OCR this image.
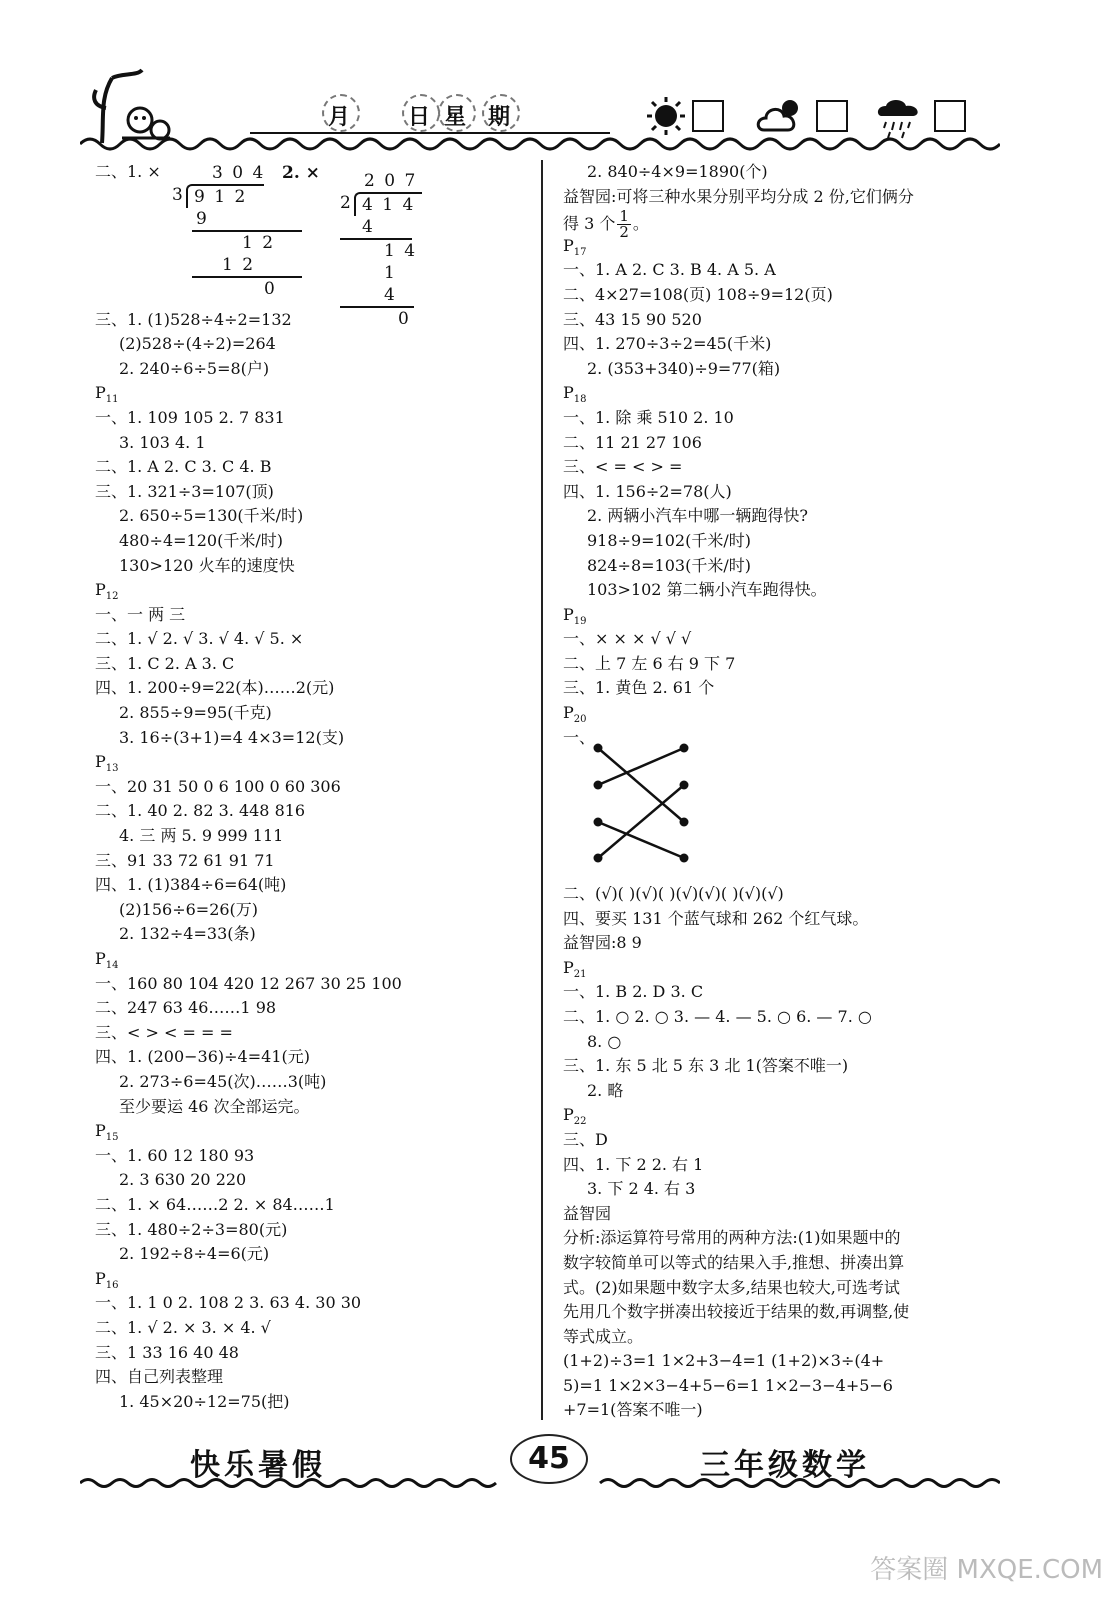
月	日 星 期
二、1. ×
三、1. (1)528÷4÷2=132
(2)528÷(4÷2)=264
2. 240÷6÷5=8(户)
$P_{11}$
一、1. 109 105 2. 7 831
3. 103 4. 1
二、1. A 2. C 3. C 4. B
三、1. 321÷3=107(顶)
2. 650÷5=130(千米/时)
480÷4=120(千米/时)
130>120 火车的速度快
$P_{12}$
一、一 两 三
二、1. √ 2. √ 3. √ 4. √ 5. ×
三、1. C 2. A 3. C
四、1. 200÷9=22(本)……2(元)
2. 855÷9=95(千克)
3. 16÷(3+1)=4 4×3=12(支)
$P_{13}$
一、20 31 50 0 6 100 0 60 306
二、1. 40 2. 82 3. 448 816
4. 三 两 5. 9 999 111
三、91 33 72 61 91 71
四、1. (1)384÷6=64(吨)
(2)156÷6=26(万)
2. 132÷4=33(条)
$P_{14}$
一、160 80 104 420 12 267 30 25 100
二、247 63 46……1 98
三、< > < = = =
四、1. (200−36)÷4=41(元)
2. 273÷6=45(次)……3(吨)
至少要运 46 次全部运完。
$P_{15}$
一、1. 60 12 180 93
2. 3 630 20 220
二、1. × 64……2 2. × 84……1
三、1. 480÷2÷3=80(元)
2. 192÷8÷4=6(元)
$P_{16}$
一、1. 1 0 2. 108 2 3. 63 4. 30 30
二、1. √ 2. × 3. × 4. √
三、1 33 16 40 48
四、自己列表整理
1. 45×20÷12=75(把)
3 0 4
3 9 1 2
9
1 2
1 2
0
2. ×	2 0 7
2 4 1 4
4
1 4
1 4
0
2. 840÷4×9=1890(个)
益智园:可将三种水果分别平均分成 2 份,它们俩分
得 3 个 $\frac{1}{2}$ 。
$P_{17}$
一、1. A 2. C 3. B 4. A 5. A
二、4×27=108(页) 108÷9=12(页)
三、43 15 90 520
四、1. 270÷3÷2=45(千米)
2. (353+340)÷9=77(箱)
$P_{18}$
一、1. 除 乘 510 2. 10
二、11 21 27 106
三、< = < > =
四、1. 156÷2=78(人)
2. 两辆小汽车中哪一辆跑得快?
918÷9=102(千米/时)
824÷8=103(千米/时)
103>102 第二辆小汽车跑得快。
$P_{19}$
一、× × × √ √ √
二、上 7 左 6 右 9 下 7
三、1. 黄色 2. 61 个
$P_{20}$
一、
二、(√)( )(√)( )(√)(√)( )(√)(√)
四、要买 131 个蓝气球和 262 个红气球。
益智园:8 9
$P_{21}$
一、1. B 2. D 3. C
二、1. ○ 2. ○ 3. — 4. — 5. ○ 6. — 7. ○
8. ○
三、1. 东 5 北 5 东 3 北 1(答案不唯一)
2. 略
$P_{22}$
三、D
四、1. 下 2 2. 右 1
3. 下 2 4. 右 3
益智园
分析:添运算符号常用的两种方法:(1)如果题中的
数字较简单可以等式的结果入手,推想、拼凑出算
式。(2)如果题中数字太多,结果也较大,可选考试
先用几个数字拼凑出较接近于结果的数,再调整,使
等式成立。
(1+2)÷3=1 1×2+3−4=1 (1+2)×3÷(4+
5)=1 1×2×3−4+5−6=1 1×2−3−4+5−6
+7=1(答案不唯一)
快乐暑假	45	三年级数学
答案圈 MXQE.COM
